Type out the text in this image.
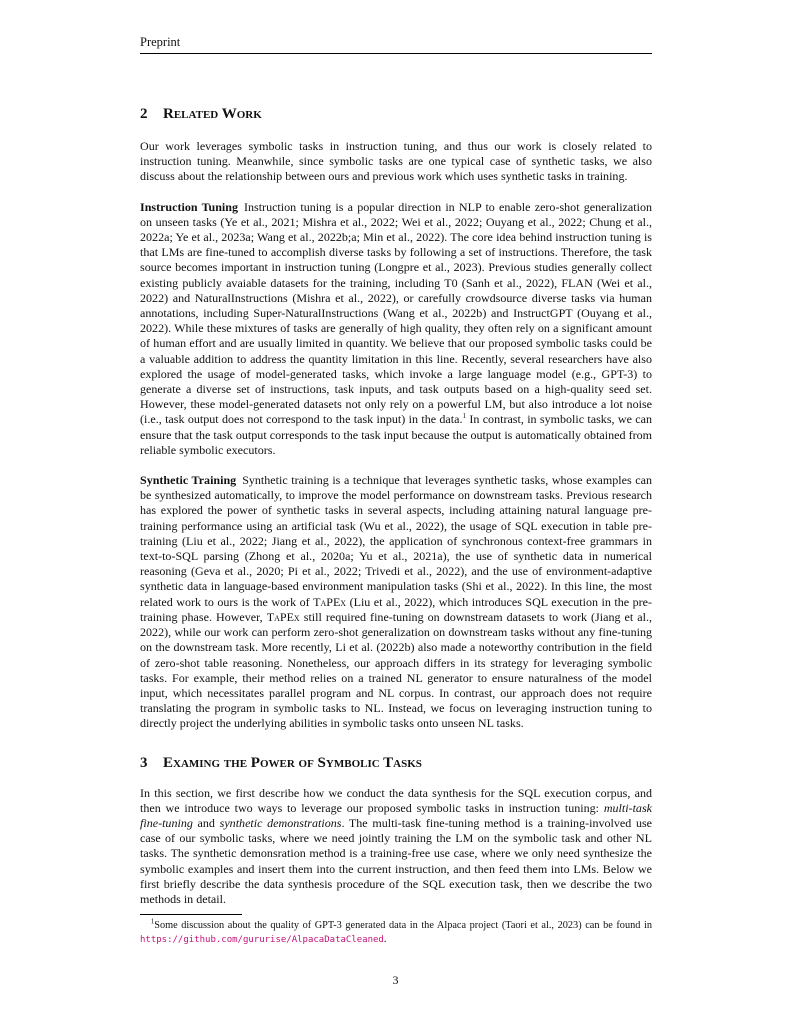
Preprint
2 Related Work

Our work leverages symbolic tasks in instruction tuning, and thus our work is closely related to instruction tuning. Meanwhile, since symbolic tasks are one typical case of synthetic tasks, we also discuss about the relationship between ours and previous work which uses synthetic tasks in training.

Instruction Tuning Instruction tuning is a popular direction in NLP to enable zero-shot generalization on unseen tasks (Ye et al., 2021; Mishra et al., 2022; Wei et al., 2022; Ouyang et al., 2022; Chung et al., 2022a; Ye et al., 2023a; Wang et al., 2022b;a; Min et al., 2022). The core idea behind instruction tuning is that LMs are fine-tuned to accomplish diverse tasks by following a set of instructions. Therefore, the task source becomes important in instruction tuning (Longpre et al., 2023). Previous studies generally collect existing publicly avaiable datasets for the training, including T0 (Sanh et al., 2022), FLAN (Wei et al., 2022) and NaturalInstructions (Mishra et al., 2022), or carefully crowdsource diverse tasks via human annotations, including Super-NaturalInstructions (Wang et al., 2022b) and InstructGPT (Ouyang et al., 2022). While these mixtures of tasks are generally of high quality, they often rely on a significant amount of human effort and are usually limited in quantity. We believe that our proposed symbolic tasks could be a valuable addition to address the quantity limitation in this line. Recently, several researchers have also explored the usage of model-generated tasks, which invoke a large language model (e.g., GPT-3) to generate a diverse set of instructions, task inputs, and task outputs based on a high-quality seed set. However, these model-generated datasets not only rely on a powerful LM, but also introduce a lot noise (i.e., task output does not correspond to the task input) in the data.$^1$ In contrast, in symbolic tasks, we can ensure that the task output corresponds to the task input because the output is automatically obtained from reliable symbolic executors.

Synthetic Training Synthetic training is a technique that leverages synthetic tasks, whose examples can be synthesized automatically, to improve the model performance on downstream tasks. Previous research has explored the power of synthetic tasks in several aspects, including attaining natural language pre-training performance using an artificial task (Wu et al., 2022), the usage of SQL execution in table pre-training (Liu et al., 2022; Jiang et al., 2022), the application of synchronous context-free grammars in text-to-SQL parsing (Zhong et al., 2020a; Yu et al., 2021a), the use of synthetic data in numerical reasoning (Geva et al., 2020; Pi et al., 2022; Trivedi et al., 2022), and the use of environment-adaptive synthetic data in language-based environment manipulation tasks (Shi et al., 2022). In this line, the most related work to ours is the work of TaPEx (Liu et al., 2022), which introduces SQL execution in the pre-training phase. However, TaPEx still required fine-tuning on downstream datasets to work (Jiang et al., 2022), while our work can perform zero-shot generalization on downstream tasks without any fine-tuning on the downstream task. More recently, Li et al. (2022b) also made a noteworthy contribution in the field of zero-shot table reasoning. Nonetheless, our approach differs in its strategy for leveraging symbolic tasks. For example, their method relies on a trained NL generator to ensure naturalness of the model input, which necessitates parallel program and NL corpus. In contrast, our approach does not require translating the program in symbolic tasks to NL. Instead, we focus on leveraging instruction tuning to directly project the underlying abilities in symbolic tasks onto unseen NL tasks.

3 Examing the Power of Symbolic Tasks

In this section, we first describe how we conduct the data synthesis for the SQL execution corpus, and then we introduce two ways to leverage our proposed symbolic tasks in instruction tuning: multi-task fine-tuning and synthetic demonstrations. The multi-task fine-tuning method is a training-involved use case of our symbolic tasks, where we need jointly training the LM on the symbolic task and other NL tasks. The synthetic demonsration method is a training-free use case, where we only need synthesize the symbolic examples and insert them into the current instruction, and then feed them into LMs. Below we first briefly describe the data synthesis procedure of the SQL execution task, then we describe the two methods in detail.

$^1$Some discussion about the quality of GPT-3 generated data in the Alpaca project (Taori et al., 2023) can be found in https://github.com/gururise/AlpacaDataCleaned.
3
